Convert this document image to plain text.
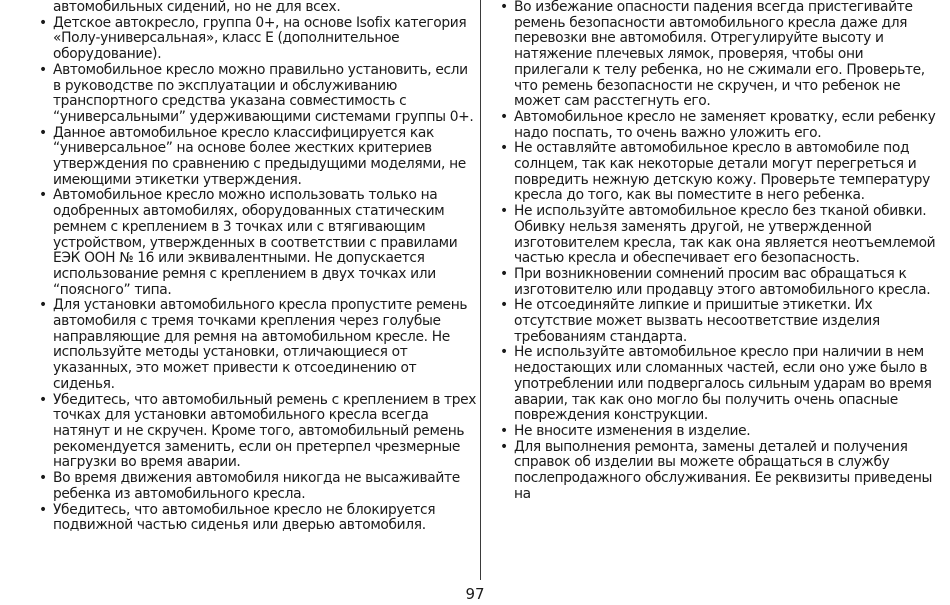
автомобильных сидений, но не для всех.
• Детское автокресло, группа 0+, на основе Isofix категория «Полу-универсальная», класс E (дополнительное оборудование).
• Автомобильное кресло можно правильно установить, если в руководстве по эксплуатации и обслуживанию транспортного средства указана совместимость с “универсальными” удерживающими системами группы 0+.
• Данное автомобильное кресло классифицируется как “универсальное” на основе более жестких критериев утверждения по сравнению с предыдущими моделями, не имеющими этикетки утверждения.
• Автомобильное кресло можно использовать только на одобренных автомобилях, оборудованных статическим ремнем с креплением в 3 точках или с втягивающим устройством, утвержденных в соответствии с правилами ЕЭК ООН № 16 или эквивалентными. Не допускается использование ремня с креплением в двух точках или “поясного” типа.
• Для установки автомобильного кресла пропустите ремень автомобиля с тремя точками крепления через голубые направляющие для ремня на автомобильном кресле. Не используйте методы установки, отличающиеся от указанных, это может привести к отсоединению от сиденья.
• Убедитесь, что автомобильный ремень с креплением в трех точках для установки автомобильного кресла всегда натянут и не скручен. Кроме того, автомобильный ремень рекомендуется заменить, если он претерпел чрезмерные нагрузки во время аварии.
• Во время движения автомобиля никогда не высаживайте ребенка из автомобильного кресла.
• Убедитесь, что автомобильное кресло не блокируется подвижной частью сиденья или дверью автомобиля.
• Во избежание опасности падения всегда пристегивайте ремень безопасности автомобильного кресла даже для перевозки вне автомобиля. Отрегулируйте высоту и натяжение плечевых лямок, проверяя, чтобы они прилегали к телу ребенка, но не сжимали его. Проверьте, что ремень безопасности не скручен, и что ребенок не может сам расстегнуть его.
• Автомобильное кресло не заменяет кроватку, если ребенку надо поспать, то очень важно уложить его.
• Не оставляйте автомобильное кресло в автомобиле под солнцем, так как некоторые детали могут перегреться и повредить нежную детскую кожу. Проверьте температуру кресла до того, как вы поместите в него ребенка.
• Не используйте автомобильное кресло без тканой обивки. Обивку нельзя заменять другой, не утвержденной изготовителем кресла, так как она является неотъемлемой частью кресла и обеспечивает его безопасность.
• При возникновении сомнений просим вас обращаться к изготовителю или продавцу этого автомобильного кресла.
• Не отсоединяйте липкие и пришитые этикетки. Их отсутствие может вызвать несоответствие изделия требованиям стандарта.
• Не используйте автомобильное кресло при наличии в нем недостающих или сломанных частей, если оно уже было в употреблении или подвергалось сильным ударам во время аварии, так как оно могло бы получить очень опасные повреждения конструкции.
• Не вносите изменения в изделие.
• Для выполнения ремонта, замены деталей и получения справок об изделии вы можете обращаться в службу послепродажного обслуживания. Ее реквизиты приведены на
97
